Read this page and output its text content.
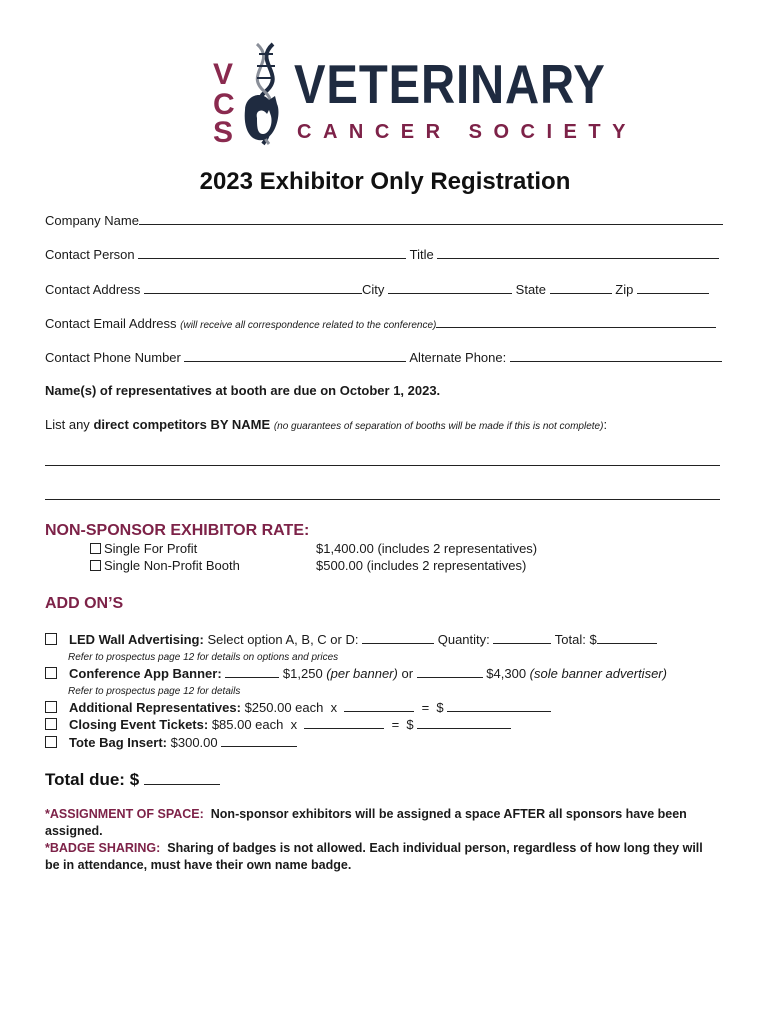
V
C
S
VETERINARY
CANCER SOCIETY
2023 Exhibitor Only Registration
Company Name
Contact Person	Title
Contact Address	City	State	Zip
Contact Email Address (will receive all correspondence related to the conference)
Contact Phone Number	Alternate Phone:
Name(s) of representatives at booth are due on October 1, 2023.
List any direct competitors BY NAME (no guarantees of separation of booths will be made if this is not complete):
NON-SPONSOR EXHIBITOR RATE:
Single For Profit	$1,400.00 (includes 2 representatives)
Single Non-Profit Booth	$500.00 (includes 2 representatives)
ADD ON’S
LED Wall Advertising: Select option A, B, C or D:	Quantity:	Total: $
Refer to prospectus page 12 for details on options and prices
Conference App Banner:	$1,250 (per banner) or	$4,300 (sole banner advertiser)
Refer to prospectus page 12 for details
Additional Representatives: $250.00 each x	= $
Closing Event Tickets: $85.00 each x	= $
Tote Bag Insert: $300.00
Total due: $
*ASSIGNMENT OF SPACE: Non-sponsor exhibitors will be assigned a space AFTER all sponsors have been assigned.
*BADGE SHARING: Sharing of badges is not allowed. Each individual person, regardless of how long they will be in attendance, must have their own name badge.
